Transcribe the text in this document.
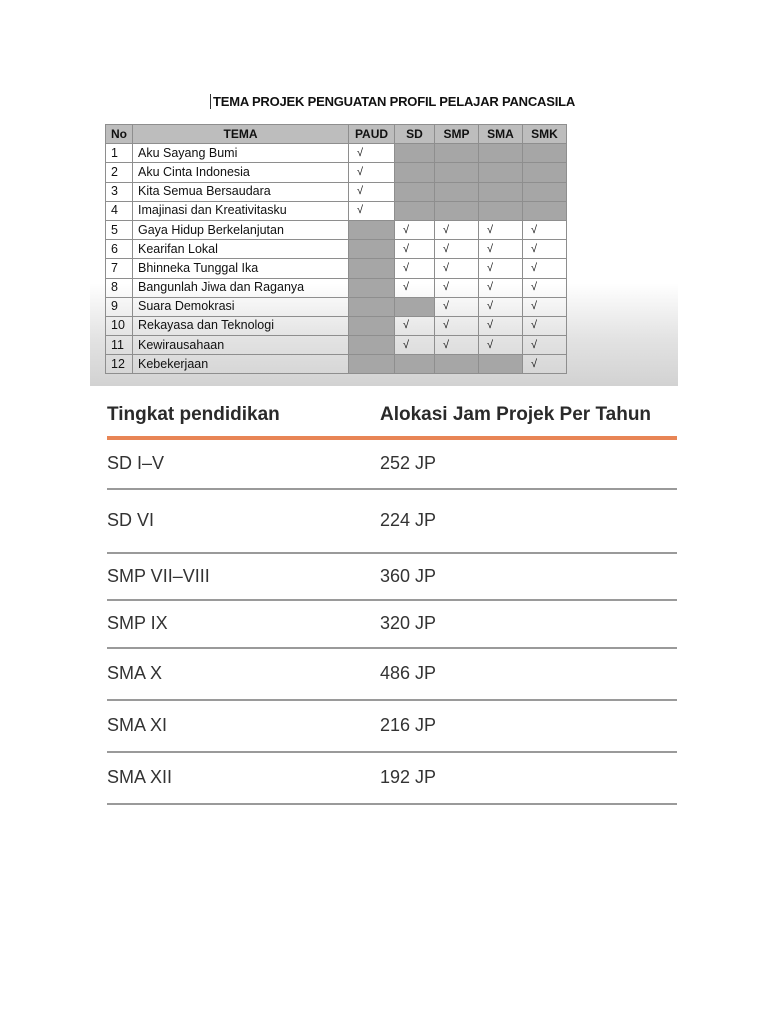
TEMA PROJEK PENGUATAN PROFIL PELAJAR PANCASILA
No	TEMA	PAUD	SD	SMP	SMA	SMK
1	Aku Sayang Bumi	√				
2	Aku Cinta Indonesia	√				
3	Kita Semua Bersaudara	√				
4	Imajinasi dan Kreativitasku	√				
5	Gaya Hidup Berkelanjutan		√	√	√	√
6	Kearifan Lokal		√	√	√	√
7	Bhinneka Tunggal Ika		√	√	√	√
8	Bangunlah Jiwa dan Raganya		√	√	√	√
9	Suara Demokrasi			√	√	√
10	Rekayasa dan Teknologi		√	√	√	√
11	Kewirausahaan		√	√	√	√
12	Kebekerjaan					√
Tingkat pendidikan	Alokasi Jam Projek Per Tahun
SD I–V	252 JP
SD VI	224 JP
SMP VII–VIII	360 JP
SMP IX	320 JP
SMA X	486 JP
SMA XI	216 JP
SMA XII	192 JP
